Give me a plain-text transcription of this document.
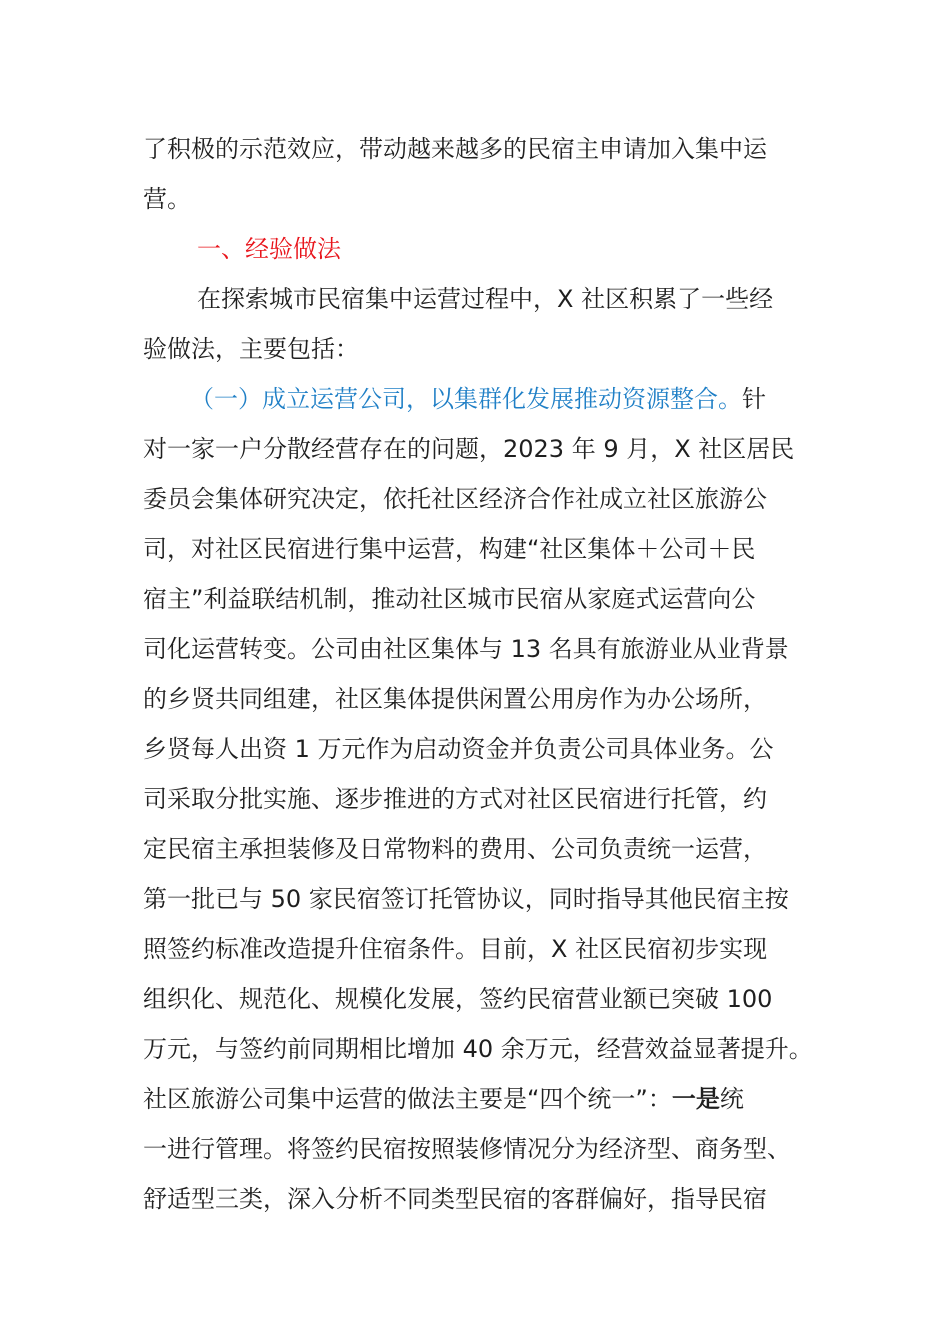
了积极的示范效应，带动越来越多的民宿主申请加入集中运
营。
一、经验做法
在探索城市民宿集中运营过程中，X 社区积累了一些经
验做法，主要包括：
（一）成立运营公司，以集群化发展推动资源整合。针
对一家一户分散经营存在的问题，2023 年 9 月，X 社区居民
委员会集体研究决定，依托社区经济合作社成立社区旅游公
司，对社区民宿进行集中运营，构建“社区集体＋公司＋民
宿主”利益联结机制，推动社区城市民宿从家庭式运营向公
司化运营转变。公司由社区集体与 13 名具有旅游业从业背景
的乡贤共同组建，社区集体提供闲置公用房作为办公场所，
乡贤每人出资 1 万元作为启动资金并负责公司具体业务。公
司采取分批实施、逐步推进的方式对社区民宿进行托管，约
定民宿主承担装修及日常物料的费用、公司负责统一运营，
第一批已与 50 家民宿签订托管协议，同时指导其他民宿主按
照签约标准改造提升住宿条件。目前，X 社区民宿初步实现
组织化、规范化、规模化发展，签约民宿营业额已突破 100
万元，与签约前同期相比增加 40 余万元，经营效益显著提升。
社区旅游公司集中运营的做法主要是“四个统一”：一是统
一进行管理。将签约民宿按照装修情况分为经济型、商务型、
舒适型三类，深入分析不同类型民宿的客群偏好，指导民宿
